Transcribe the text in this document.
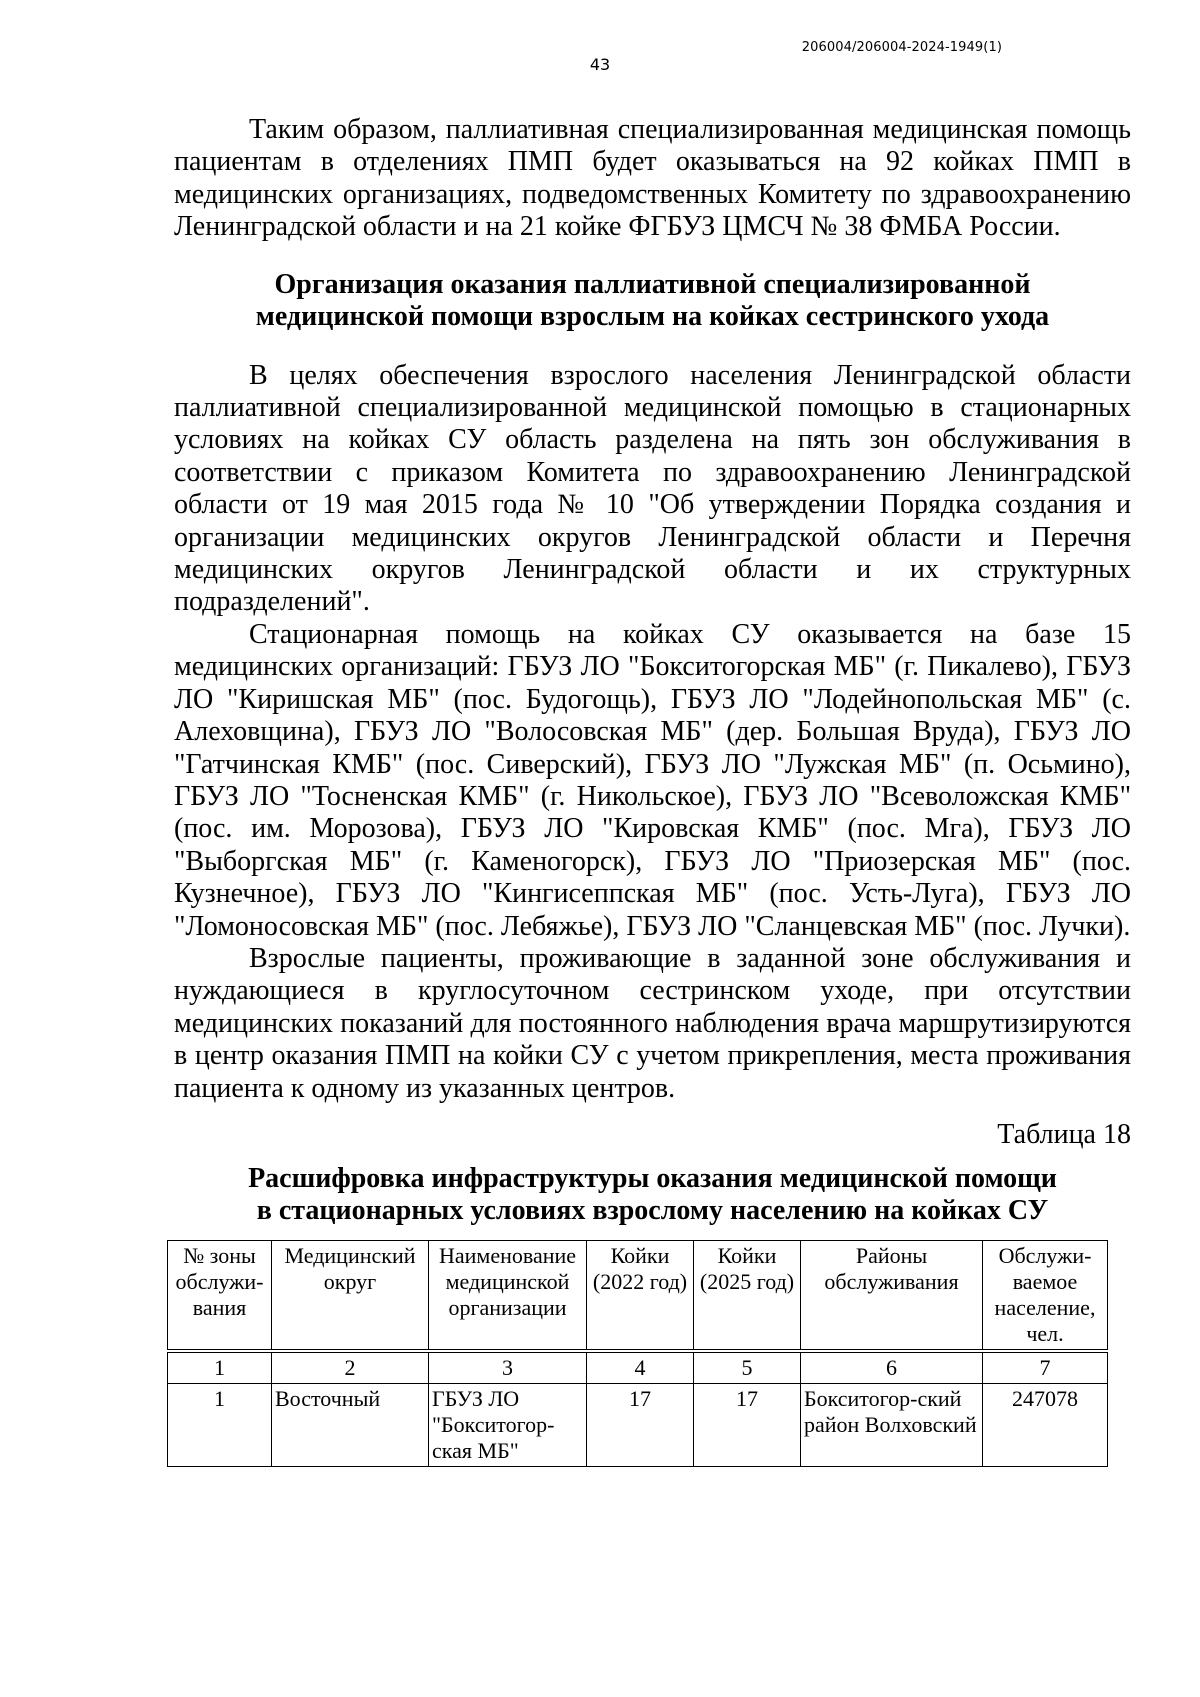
206004/206004-2024-1949(1)
43

Таким образом, паллиативная специализированная медицинская помощь пациентам в отделениях ПМП будет оказываться на 92 койках ПМП в медицинских организациях, подведомственных Комитету по здравоохранению Ленинградской области и на 21 койке ФГБУЗ ЦМСЧ № 38 ФМБА России.

Организация оказания паллиативной специализированной
медицинской помощи взрослым на койках сестринского ухода

В целях обеспечения взрослого населения Ленинградской области паллиативной специализированной медицинской помощью в стационарных условиях на койках СУ область разделена на пять зон обслуживания в соответствии с приказом Комитета по здравоохранению Ленинградской области от 19 мая 2015 года № 10 "Об утверждении Порядка создания и организации медицинских округов Ленинградской области и Перечня медицинских округов Ленинградской области и их структурных подразделений".

Стационарная помощь на койках СУ оказывается на базе 15 медицинских организаций: ГБУЗ ЛО "Бокситогорская МБ" (г. Пикалево), ГБУЗ ЛО "Киришская МБ" (пос. Будогощь), ГБУЗ ЛО "Лодейнопольская МБ" (с. Алеховщина), ГБУЗ ЛО "Волосовская МБ" (дер. Большая Вруда), ГБУЗ ЛО "Гатчинская КМБ" (пос. Сиверский), ГБУЗ ЛО "Лужская МБ" (п. Осьмино), ГБУЗ ЛО "Тосненская КМБ" (г. Никольское), ГБУЗ ЛО "Всеволожская КМБ" (пос. им. Морозова), ГБУЗ ЛО "Кировская КМБ" (пос. Мга), ГБУЗ ЛО "Выборгская МБ" (г. Каменогорск), ГБУЗ ЛО "Приозерская МБ" (пос. Кузнечное), ГБУЗ ЛО "Кингисеппская МБ" (пос. Усть-Луга), ГБУЗ ЛО "Ломоносовская МБ" (пос. Лебяжье), ГБУЗ ЛО "Сланцевская МБ" (пос. Лучки).

Взрослые пациенты, проживающие в заданной зоне обслуживания и нуждающиеся в круглосуточном сестринском уходе, при отсутствии медицинских показаний для постоянного наблюдения врача маршрутизируются в центр оказания ПМП на койки СУ с учетом прикрепления, места проживания пациента к одному из указанных центров.

Таблица 18
Расшифровка инфраструктуры оказания медицинской помощи
в стационарных условиях взрослому населению на койках СУ
№ зоны обслужи-вания	Медицинский округ	Наименование медицинской организации	Койки (2022 год)	Койки (2025 год)	Районы обслуживания	Обслужи-ваемое население, чел.
1	2	3	4	5	6	7
1	Восточный	ГБУЗ ЛО "Бокситогор-ская МБ"	17	17	Бокситогор-ский район Волховский	247078
